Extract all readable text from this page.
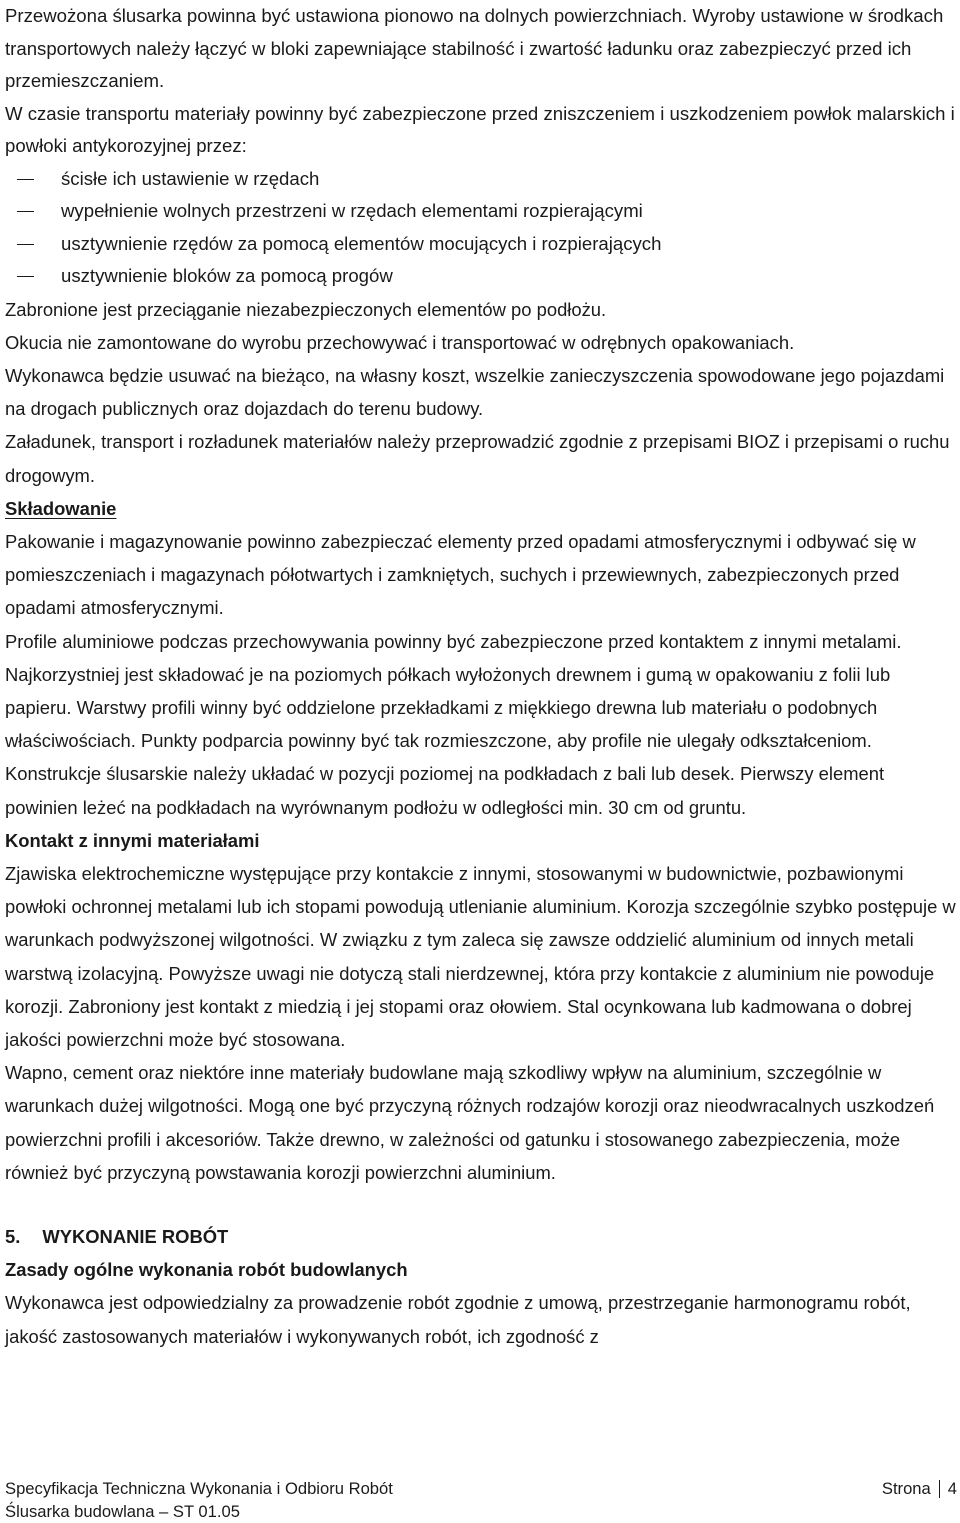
Przewożona ślusarka powinna być ustawiona pionowo na dolnych powierzchniach. Wyroby ustawione w środkach transportowych należy łączyć w bloki zapewniające stabilność i zwartość ładunku oraz zabezpieczyć przed ich przemieszczaniem.

W czasie transportu materiały powinny być zabezpieczone przed zniszczeniem i uszkodzeniem powłok malarskich i powłoki antykorozyjnej przez:

ścisłe ich ustawienie w rzędach
wypełnienie wolnych przestrzeni w rzędach elementami rozpierającymi
usztywnienie rzędów za pomocą elementów mocujących i rozpierających
usztywnienie bloków za pomocą progów

Zabronione jest przeciąganie niezabezpieczonych elementów po podłożu.

Okucia nie zamontowane do wyrobu przechowywać i transportować w odrębnych opakowaniach.

Wykonawca będzie usuwać na bieżąco, na własny koszt, wszelkie zanieczyszczenia spowodowane jego pojazdami na drogach publicznych oraz dojazdach do terenu budowy.

Załadunek, transport i rozładunek materiałów należy przeprowadzić zgodnie z przepisami BIOZ i przepisami o ruchu drogowym.

Składowanie

Pakowanie i magazynowanie powinno zabezpieczać elementy przed opadami atmosferycznymi i odbywać się w pomieszczeniach i magazynach półotwartych i zamkniętych, suchych i przewiewnych, zabezpieczonych przed opadami atmosferycznymi.

Profile aluminiowe podczas przechowywania powinny być zabezpieczone przed kontaktem z innymi metalami. Najkorzystniej jest składować je na poziomych półkach wyłożonych drewnem i gumą w opakowaniu z folii lub papieru. Warstwy profili winny być oddzielone przekładkami z miękkiego drewna lub materiału o podobnych właściwościach. Punkty podparcia powinny być tak rozmieszczone, aby profile nie ulegały odkształceniom.

Konstrukcje ślusarskie należy układać w pozycji poziomej na podkładach z bali lub desek. Pierwszy element powinien leżeć na podkładach na wyrównanym podłożu w odległości min. 30 cm od gruntu.

Kontakt z innymi materiałami

Zjawiska elektrochemiczne występujące przy kontakcie z innymi, stosowanymi w budownictwie, pozbawionymi powłoki ochronnej metalami lub ich stopami powodują utlenianie aluminium. Korozja szczególnie szybko postępuje w warunkach podwyższonej wilgotności. W związku z tym zaleca się zawsze oddzielić aluminium od innych metali warstwą izolacyjną. Powyższe uwagi nie dotyczą stali nierdzewnej, która przy kontakcie z aluminium nie powoduje korozji. Zabroniony jest kontakt z miedzią i jej stopami oraz ołowiem. Stal ocynkowana lub kadmowana o dobrej jakości powierzchni może być stosowana.

Wapno, cement oraz niektóre inne materiały budowlane mają szkodliwy wpływ na aluminium, szczególnie w warunkach dużej wilgotności. Mogą one być przyczyną różnych rodzajów korozji oraz nieodwracalnych uszkodzeń powierzchni profili i akcesoriów. Także drewno, w zależności od gatunku i stosowanego zabezpieczenia, może również być przyczyną powstawania korozji powierzchni aluminium.

5. WYKONANIE ROBÓT

Zasady ogólne wykonania robót budowlanych

Wykonawca jest odpowiedzialny za prowadzenie robót zgodnie z umową, przestrzeganie harmonogramu robót, jakość zastosowanych materiałów i wykonywanych robót, ich zgodność z

Specyfikacja Techniczna Wykonania i Odbioru Robót	Strona 4
Ślusarka budowlana – ST 01.05
